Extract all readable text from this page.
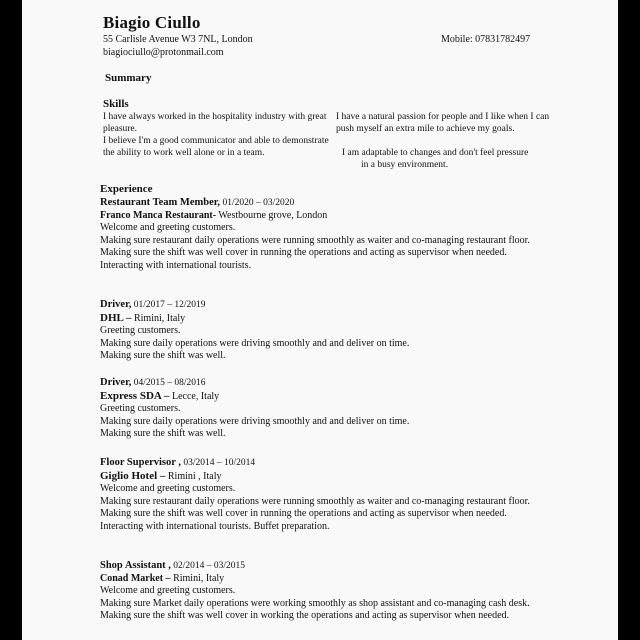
Biagio Ciullo
55 Carlisle Avenue W3 7NL, London	Mobile: 07831782497
biagiociullo@protonmail.com
Summary
Skills
I have always worked in the hospitality industry with great pleasure.
I believe I'm a good communicator and able to demonstrate the ability to work well alone or in a team.
I have a natural passion for people and I like when I can push myself an extra mile to achieve my goals.
I am adaptable to changes and don't feel pressure
in a busy environment.
Experience
Restaurant Team Member, 01/2020 – 03/2020
Franco Manca Restaurant- Westbourne grove, London
Welcome and greeting customers.
Making sure restaurant daily operations were running smoothly as waiter and co-managing restaurant floor.
Making sure the shift was well cover in running the operations and acting as supervisor when needed.
Interacting with international tourists.
Driver, 01/2017 – 12/2019
DHL – Rimini, Italy
Greeting customers.
Making sure daily operations were driving smoothly and and deliver on time.
Making sure the shift was well.
Driver, 04/2015 – 08/2016
Express SDA – Lecce, Italy
Greeting customers.
Making sure daily operations were driving smoothly and and deliver on time.
Making sure the shift was well.
Floor Supervisor , 03/2014 – 10/2014
Giglio Hotel – Rimini , Italy
Welcome and greeting customers.
Making sure restaurant daily operations were running smoothly as waiter and co-managing restaurant floor.
Making sure the shift was well cover in running the operations and acting as supervisor when needed.
Interacting with international tourists. Buffet preparation.
Shop Assistant , 02/2014 – 03/2015
Conad Market – Rimini, Italy
Welcome and greeting customers.
Making sure Market daily operations were working smoothly as shop assistant and co-managing cash desk.
Making sure the shift was well cover in working the operations and acting as supervisor when needed.
